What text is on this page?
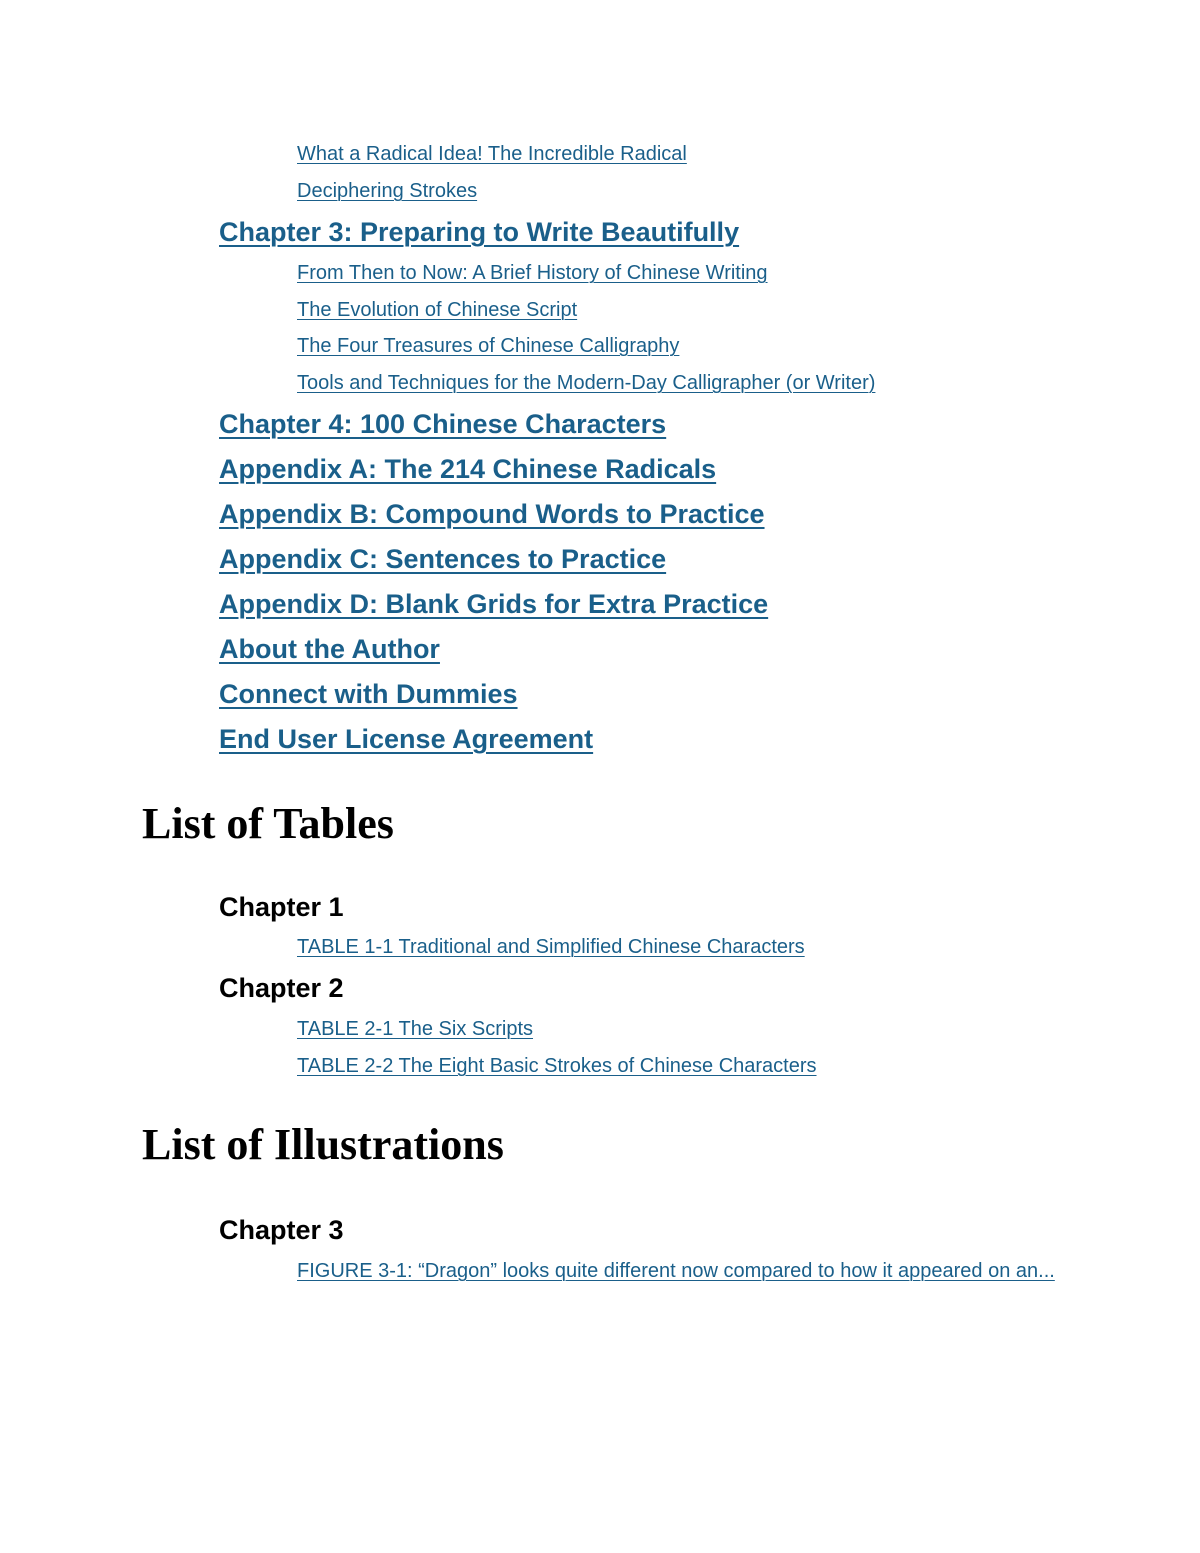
What a Radical Idea! The Incredible Radical
Deciphering Strokes
Chapter 3: Preparing to Write Beautifully
From Then to Now: A Brief History of Chinese Writing
The Evolution of Chinese Script
The Four Treasures of Chinese Calligraphy
Tools and Techniques for the Modern-Day Calligrapher (or Writer)
Chapter 4: 100 Chinese Characters
Appendix A: The 214 Chinese Radicals
Appendix B: Compound Words to Practice
Appendix C: Sentences to Practice
Appendix D: Blank Grids for Extra Practice
About the Author
Connect with Dummies
End User License Agreement
List of Tables
Chapter 1
TABLE 1-1 Traditional and Simplified Chinese Characters
Chapter 2
TABLE 2-1 The Six Scripts
TABLE 2-2 The Eight Basic Strokes of Chinese Characters
List of Illustrations
Chapter 3
FIGURE 3-1: “Dragon” looks quite different now compared to how it appeared on an...
